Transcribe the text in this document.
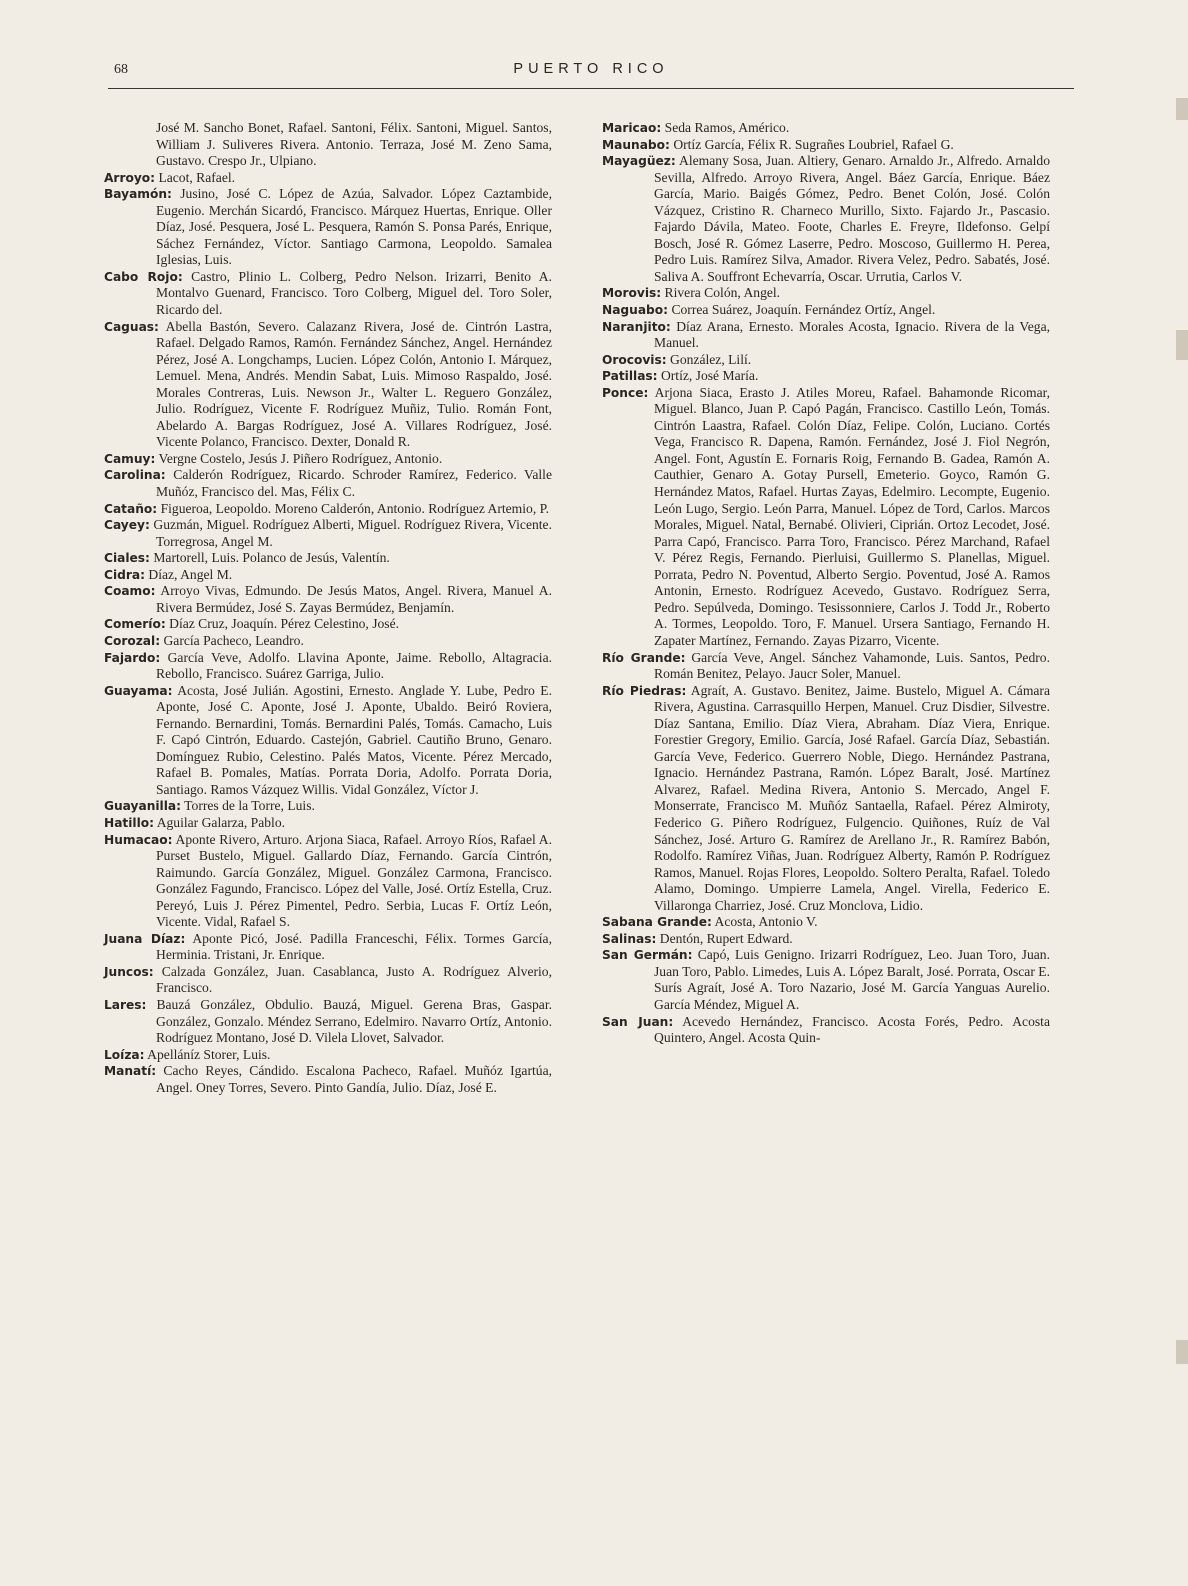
68	PUERTO RICO

José M. Sancho Bonet, Rafael. Santoni, Félix. Santoni, Miguel. Santos, William J. Suliveres Rivera. Antonio. Terraza, José M. Zeno Sama, Gustavo. Crespo Jr., Ulpiano.

Arroyo: Lacot, Rafael.

Bayamón: Jusino, José C. López de Azúa, Salvador. López Caztambide, Eugenio. Merchán Sicardó, Francisco. Márquez Huertas, Enrique. Oller Díaz, José. Pesquera, José L. Pesquera, Ramón S. Ponsa Parés, Enrique, Sáchez Fernández, Víctor. Santiago Carmona, Leopoldo. Samalea Iglesias, Luis.

Cabo Rojo: Castro, Plinio L. Colberg, Pedro Nelson. Irizarri, Benito A. Montalvo Guenard, Francisco. Toro Colberg, Miguel del. Toro Soler, Ricardo del.

Caguas: Abella Bastón, Severo. Calazanz Rivera, José de. Cintrón Lastra, Rafael. Delgado Ramos, Ramón. Fernández Sánchez, Angel. Hernández Pérez, José A. Longchamps, Lucien. López Colón, Antonio I. Márquez, Lemuel. Mena, Andrés. Mendin Sabat, Luis. Mimoso Raspaldo, José. Morales Contreras, Luis. Newson Jr., Walter L. Reguero González, Julio. Rodríguez, Vicente F. Rodríguez Muñiz, Tulio. Román Font, Abelardo A. Bargas Rodríguez, José A. Villares Rodríguez, José. Vicente Polanco, Francisco. Dexter, Donald R.

Camuy: Vergne Costelo, Jesús J. Piñero Rodríguez, Antonio.

Carolina: Calderón Rodríguez, Ricardo. Schroder Ramírez, Federico. Valle Muñóz, Francisco del. Mas, Félix C.

Cataño: Figueroa, Leopoldo. Moreno Calderón, Antonio. Rodríguez Artemio, P.

Cayey: Guzmán, Miguel. Rodríguez Alberti, Miguel. Rodríguez Rivera, Vicente. Torregrosa, Angel M.

Ciales: Martorell, Luis. Polanco de Jesús, Valentín.

Cidra: Díaz, Angel M.

Coamo: Arroyo Vivas, Edmundo. De Jesús Matos, Angel. Rivera, Manuel A. Rivera Bermúdez, José S. Zayas Bermúdez, Benjamín.

Comerío: Díaz Cruz, Joaquín. Pérez Celestino, José.

Corozal: García Pacheco, Leandro.

Fajardo: García Veve, Adolfo. Llavina Aponte, Jaime. Rebollo, Altagracia. Rebollo, Francisco. Suárez Garriga, Julio.

Guayama: Acosta, José Julián. Agostini, Ernesto. Anglade Y. Lube, Pedro E. Aponte, José C. Aponte, José J. Aponte, Ubaldo. Beiró Roviera, Fernando. Bernardini, Tomás. Bernardini Palés, Tomás. Camacho, Luis F. Capó Cintrón, Eduardo. Castejón, Gabriel. Cautiño Bruno, Genaro. Domínguez Rubio, Celestino. Palés Matos, Vicente. Pérez Mercado, Rafael B. Pomales, Matías. Porrata Doria, Adolfo. Porrata Doria, Santiago. Ramos Vázquez Willis. Vidal González, Víctor J.

Guayanilla: Torres de la Torre, Luis.

Hatillo: Aguilar Galarza, Pablo.

Humacao: Aponte Rivero, Arturo. Arjona Siaca, Rafael. Arroyo Ríos, Rafael A. Purset Bustelo, Miguel. Gallardo Díaz, Fernando. García Cintrón, Raimundo. García González, Miguel. González Carmona, Francisco. González Fagundo, Francisco. López del Valle, José. Ortíz Estella, Cruz. Pereyó, Luis J. Pérez Pimentel, Pedro. Serbia, Lucas F. Ortíz León, Vicente. Vidal, Rafael S.

Juana Díaz: Aponte Picó, José. Padilla Franceschi, Félix. Tormes García, Herminia. Tristani, Jr. Enrique.

Juncos: Calzada González, Juan. Casablanca, Justo A. Rodríguez Alverio, Francisco.

Lares: Bauzá González, Obdulio. Bauzá, Miguel. Gerena Bras, Gaspar. González, Gonzalo. Méndez Serrano, Edelmiro. Navarro Ortíz, Antonio. Rodríguez Montano, José D. Vilela Llovet, Salvador.

Loíza: Apelláníz Storer, Luis.

Manatí: Cacho Reyes, Cándido. Escalona Pacheco, Rafael. Muñóz Igartúa, Angel. Oney Torres, Severo. Pinto Gandía, Julio. Díaz, José E.

Maricao: Seda Ramos, Américo.

Maunabo: Ortíz García, Félix R. Sugrañes Loubriel, Rafael G.

Mayagüez: Alemany Sosa, Juan. Altiery, Genaro. Arnaldo Jr., Alfredo. Arnaldo Sevilla, Alfredo. Arroyo Rivera, Angel. Báez García, Enrique. Báez García, Mario. Baigés Gómez, Pedro. Benet Colón, José. Colón Vázquez, Cristino R. Charneco Murillo, Sixto. Fajardo Jr., Pascasio. Fajardo Dávila, Mateo. Foote, Charles E. Freyre, Ildefonso. Gelpí Bosch, José R. Gómez Laserre, Pedro. Moscoso, Guillermo H. Perea, Pedro Luis. Ramírez Silva, Amador. Rivera Velez, Pedro. Sabatés, José. Saliva A. Souffront Echevarría, Oscar. Urrutia, Carlos V.

Morovis: Rivera Colón, Angel.

Naguabo: Correa Suárez, Joaquín. Fernández Ortíz, Angel.

Naranjito: Díaz Arana, Ernesto. Morales Acosta, Ignacio. Rivera de la Vega, Manuel.

Orocovis: González, Lilí.

Patillas: Ortíz, José María.

Ponce: Arjona Siaca, Erasto J. Atiles Moreu, Rafael. Bahamonde Ricomar, Miguel. Blanco, Juan P. Capó Pagán, Francisco. Castillo León, Tomás. Cintrón Laastra, Rafael. Colón Díaz, Felipe. Colón, Luciano. Cortés Vega, Francisco R. Dapena, Ramón. Fernández, José J. Fiol Negrón, Angel. Font, Agustín E. Fornaris Roig, Fernando B. Gadea, Ramón A. Cauthier, Genaro A. Gotay Pursell, Emeterio. Goyco, Ramón G. Hernández Matos, Rafael. Hurtas Zayas, Edelmiro. Lecompte, Eugenio. León Lugo, Sergio. León Parra, Manuel. López de Tord, Carlos. Marcos Morales, Miguel. Natal, Bernabé. Olivieri, Ciprián. Ortoz Lecodet, José. Parra Capó, Francisco. Parra Toro, Francisco. Pérez Marchand, Rafael V. Pérez Regis, Fernando. Pierluisi, Guillermo S. Planellas, Miguel. Porrata, Pedro N. Poventud, Alberto Sergio. Poventud, José A. Ramos Antonin, Ernesto. Rodríguez Acevedo, Gustavo. Rodríguez Serra, Pedro. Sepúlveda, Domingo. Tesissonniere, Carlos J. Todd Jr., Roberto A. Tormes, Leopoldo. Toro, F. Manuel. Ursera Santiago, Fernando H. Zapater Martínez, Fernando. Zayas Pizarro, Vicente.

Río Grande: García Veve, Angel. Sánchez Vahamonde, Luis. Santos, Pedro. Román Benitez, Pelayo. Jaucr Soler, Manuel.

Río Piedras: Agraít, A. Gustavo. Benitez, Jaime. Bustelo, Miguel A. Cámara Rivera, Agustina. Carrasquillo Herpen, Manuel. Cruz Disdier, Silvestre. Díaz Santana, Emilio. Díaz Viera, Abraham. Díaz Viera, Enrique. Forestier Gregory, Emilio. García, José Rafael. García Díaz, Sebastián. García Veve, Federico. Guerrero Noble, Diego. Hernández Pastrana, Ignacio. Hernández Pastrana, Ramón. López Baralt, José. Martínez Alvarez, Rafael. Medina Rivera, Antonio S. Mercado, Angel F. Monserrate, Francisco M. Muñóz Santaella, Rafael. Pérez Almiroty, Federico G. Piñero Rodríguez, Fulgencio. Quiñones, Ruíz de Val Sánchez, José. Arturo G. Ramírez de Arellano Jr., R. Ramírez Babón, Rodolfo. Ramírez Viñas, Juan. Rodríguez Alberty, Ramón P. Rodríguez Ramos, Manuel. Rojas Flores, Leopoldo. Soltero Peralta, Rafael. Toledo Alamo, Domingo. Umpierre Lamela, Angel. Virella, Federico E. Villaronga Charriez, José. Cruz Monclova, Lidio.

Sabana Grande: Acosta, Antonio V.

Salinas: Dentón, Rupert Edward.

San Germán: Capó, Luis Genigno. Irizarri Rodríguez, Leo. Juan Toro, Juan. Juan Toro, Pablo. Limedes, Luis A. López Baralt, José. Porrata, Oscar E. Surís Agraít, José A. Toro Nazario, José M. García Yanguas Aurelio. García Méndez, Miguel A.

San Juan: Acevedo Hernández, Francisco. Acosta Forés, Pedro. Acosta Quintero, Angel. Acosta Quin-
